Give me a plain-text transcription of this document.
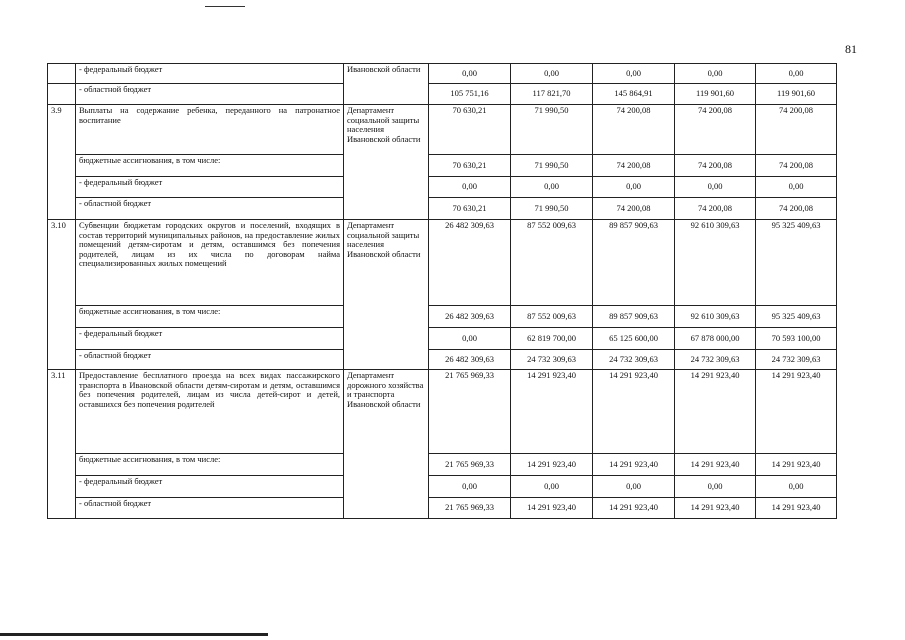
81
	- федеральный бюджет	Ивановской области	0,00	0,00	0,00	0,00	0,00
	- областной бюджет		105 751,16	117 821,70	145 864,91	119 901,60	119 901,60
3.9	Выплаты на содержание ребенка, переданного на патронатное воспитание	Департамент социальной защиты населения Ивановской области	70 630,21	71 990,50	74 200,08	74 200,08	74 200,08
	бюджетные ассигнования, в том числе:		70 630,21	71 990,50	74 200,08	74 200,08	74 200,08
	- федеральный бюджет		0,00	0,00	0,00	0,00	0,00
	- областной бюджет		70 630,21	71 990,50	74 200,08	74 200,08	74 200,08
3.10	Субвенции бюджетам городских округов и поселений, входящих в состав территорий муниципальных районов, на предоставление жилых помещений детям-сиротам и детям, оставшимся без попечения родителей, лицам из их числа по договорам найма специализированных жилых помещений	Департамент социальной защиты населения Ивановской области	26 482 309,63	87 552 009,63	89 857 909,63	92 610 309,63	95 325 409,63
	бюджетные ассигнования, в том числе:		26 482 309,63	87 552 009,63	89 857 909,63	92 610 309,63	95 325 409,63
	- федеральный бюджет		0,00	62 819 700,00	65 125 600,00	67 878 000,00	70 593 100,00
	- областной бюджет		26 482 309,63	24 732 309,63	24 732 309,63	24 732 309,63	24 732 309,63
3.11	Предоставление бесплатного проезда на всех видах пассажирского транспорта в Ивановской области детям-сиротам и детям, оставшимся без попечения родителей, лицам из числа детей-сирот и детей, оставшихся без попечения родителей	Департамент дорожного хозяйства и транспорта Ивановской области	21 765 969,33	14 291 923,40	14 291 923,40	14 291 923,40	14 291 923,40
	бюджетные ассигнования, в том числе:		21 765 969,33	14 291 923,40	14 291 923,40	14 291 923,40	14 291 923,40
	- федеральный бюджет		0,00	0,00	0,00	0,00	0,00
	- областной бюджет		21 765 969,33	14 291 923,40	14 291 923,40	14 291 923,40	14 291 923,40
